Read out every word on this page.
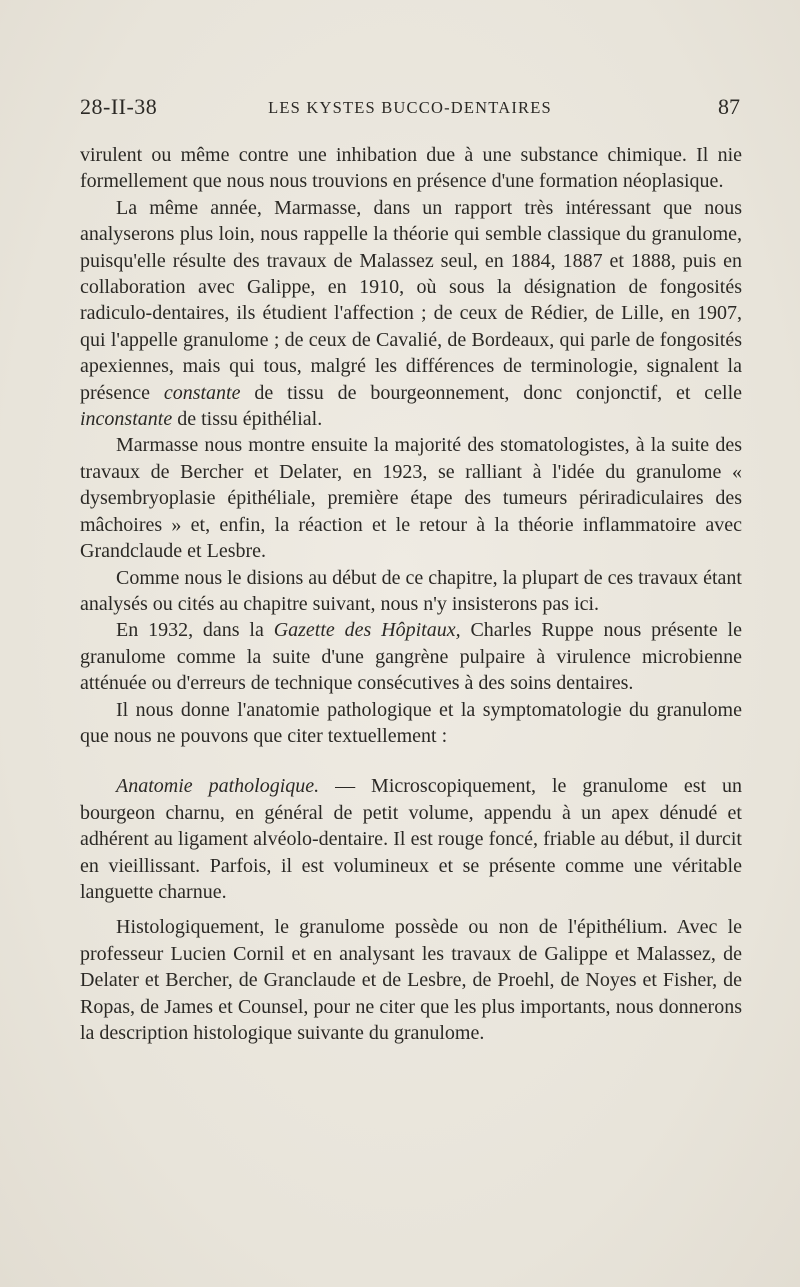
28-II-38	LES KYSTES BUCCO-DENTAIRES	87

virulent ou même contre une inhibation due à une substance chimique. Il nie formellement que nous nous trouvions en présence d'une formation néoplasique.

La même année, Marmasse, dans un rapport très intéressant que nous analyserons plus loin, nous rappelle la théorie qui semble classique du granulome, puisqu'elle résulte des travaux de Malassez seul, en 1884, 1887 et 1888, puis en collaboration avec Galippe, en 1910, où sous la désignation de fongosités radiculo-dentaires, ils étudient l'affection ; de ceux de Rédier, de Lille, en 1907, qui l'appelle granulome ; de ceux de Cavalié, de Bordeaux, qui parle de fongosités apexiennes, mais qui tous, malgré les différences de terminologie, signalent la présence constante de tissu de bourgeonnement, donc conjonctif, et celle inconstante de tissu épithélial.

Marmasse nous montre ensuite la majorité des stomatologistes, à la suite des travaux de Bercher et Delater, en 1923, se ralliant à l'idée du granulome « dysembryoplasie épithéliale, première étape des tumeurs périradiculaires des mâchoires » et, enfin, la réaction et le retour à la théorie inflammatoire avec Grandclaude et Lesbre.

Comme nous le disions au début de ce chapitre, la plupart de ces travaux étant analysés ou cités au chapitre suivant, nous n'y insisterons pas ici.

En 1932, dans la Gazette des Hôpitaux, Charles Ruppe nous présente le granulome comme la suite d'une gangrène pulpaire à virulence microbienne atténuée ou d'erreurs de technique consécutives à des soins dentaires.

Il nous donne l'anatomie pathologique et la symptomatologie du granulome que nous ne pouvons que citer textuellement :

Anatomie pathologique. — Microscopiquement, le granulome est un bourgeon charnu, en général de petit volume, appendu à un apex dénudé et adhérent au ligament alvéolo-dentaire. Il est rouge foncé, friable au début, il durcit en vieillissant. Parfois, il est volumineux et se présente comme une véritable languette charnue.

Histologiquement, le granulome possède ou non de l'épithélium. Avec le professeur Lucien Cornil et en analysant les travaux de Galippe et Malassez, de Delater et Bercher, de Granclaude et de Lesbre, de Proehl, de Noyes et Fisher, de Ropas, de James et Counsel, pour ne citer que les plus importants, nous donnerons la description histologique suivante du granulome.
